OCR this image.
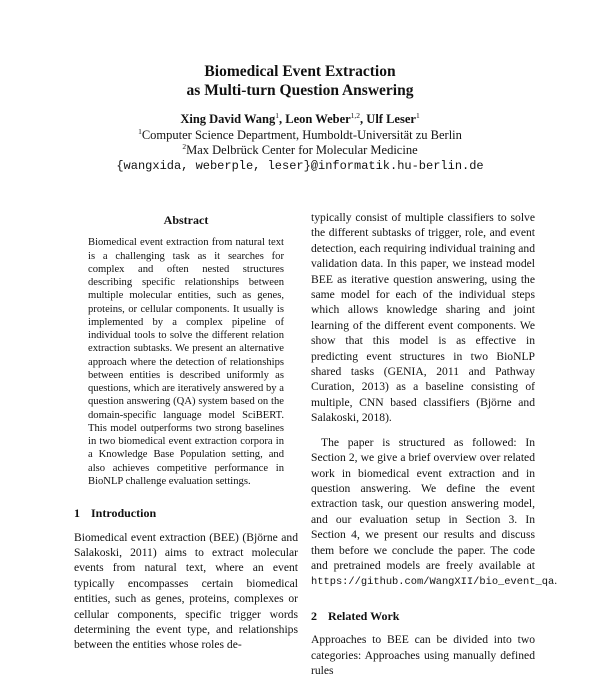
Biomedical Event Extraction
as Multi-turn Question Answering
Xing David Wang$^1$, Leon Weber$^{1,2}$, Ulf Leser$^1$
$^1$Computer Science Department, Humboldt-Universität zu Berlin
$^2$Max Delbrück Center for Molecular Medicine
{wangxida, weberple, leser}@informatik.hu-berlin.de
Abstract

Biomedical event extraction from natural text is a challenging task as it searches for complex and often nested structures describing specific relationships between multiple molecular entities, such as genes, proteins, or cellular components. It usually is implemented by a complex pipeline of individual tools to solve the different relation extraction subtasks. We present an alternative approach where the detection of relationships between entities is described uniformly as questions, which are iteratively answered by a question answering (QA) system based on the domain-specific language model SciBERT. This model outperforms two strong baselines in two biomedical event extraction corpora in a Knowledge Base Population setting, and also achieves competitive performance in BioNLP challenge evaluation settings.

1 Introduction

Biomedical event extraction (BEE) (Björne and Salakoski, 2011) aims to extract molecular events from natural text, where an event typically encompasses certain biomedical entities, such as genes, proteins, complexes or cellular components, specific trigger words determining the event type, and relationships between the entities whose roles de-

typically consist of multiple classifiers to solve the different subtasks of trigger, role, and event detection, each requiring individual training and validation data. In this paper, we instead model BEE as iterative question answering, using the same model for each of the individual steps which allows knowledge sharing and joint learning of the different event components. We show that this model is as effective in predicting event structures in two BioNLP shared tasks (GENIA, 2011 and Pathway Curation, 2013) as a baseline consisting of multiple, CNN based classifiers (Björne and Salakoski, 2018).

The paper is structured as followed: In Section 2, we give a brief overview over related work in biomedical event extraction and in question answering. We define the event extraction task, our question answering model, and our evaluation setup in Section 3. In Section 4, we present our results and discuss them before we conclude the paper. The code and pretrained models are freely available at https://github.com/WangXII/bio_event_qa.

2 Related Work

Approaches to BEE can be divided into two categories: Approaches using manually defined rules
